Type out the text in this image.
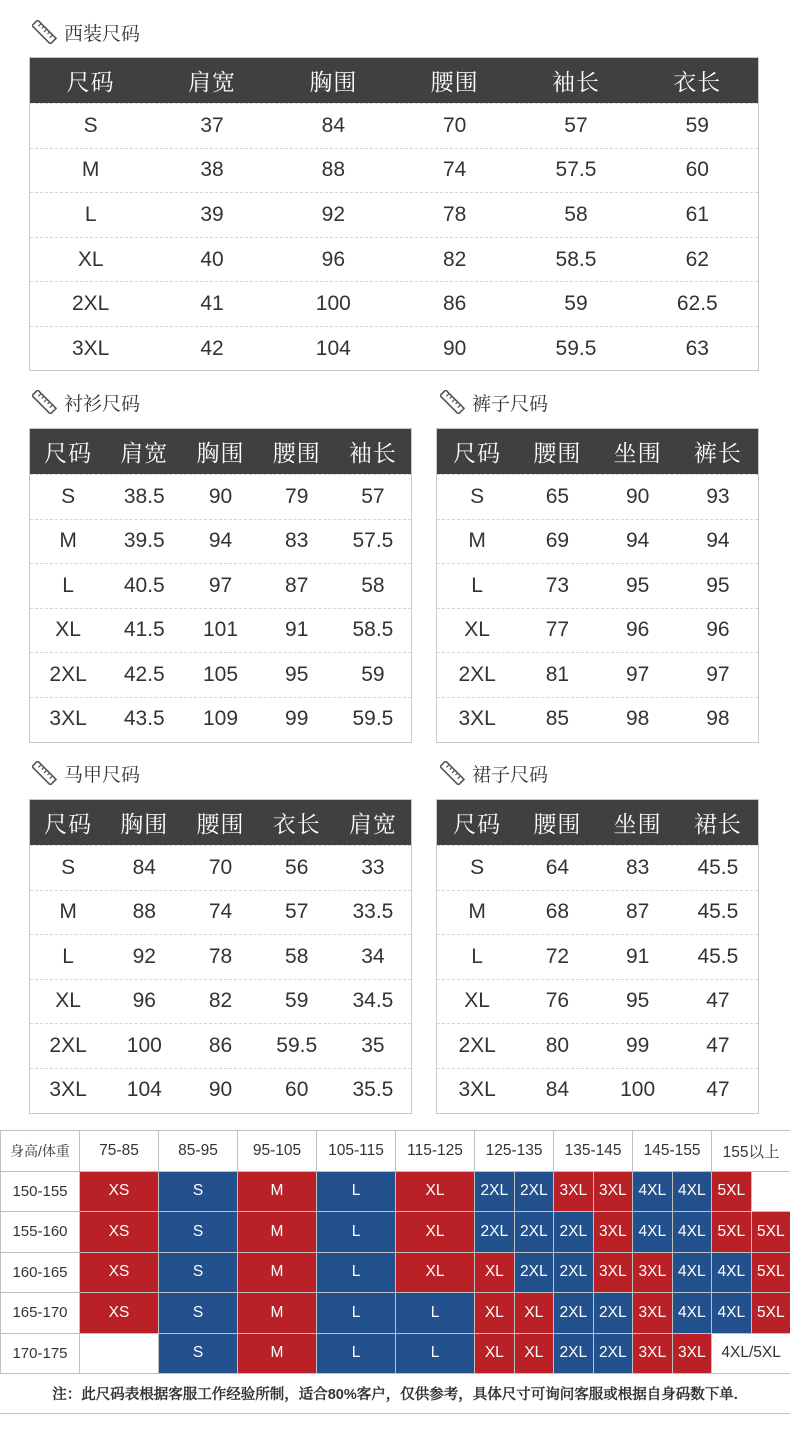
西装尺码
尺码	肩宽	胸围	腰围	袖长	衣长
S	37	84	70	57	59
M	38	88	74	57.5	60
L	39	92	78	58	61
XL	40	96	82	58.5	62
2XL	41	100	86	59	62.5
3XL	42	104	90	59.5	63
衬衫尺码
尺码	肩宽	胸围	腰围	袖长
S	38.5	90	79	57
M	39.5	94	83	57.5
L	40.5	97	87	58
XL	41.5	101	91	58.5
2XL	42.5	105	95	59
3XL	43.5	109	99	59.5
裤子尺码
尺码	腰围	坐围	裤长
S	65	90	93
M	69	94	94
L	73	95	95
XL	77	96	96
2XL	81	97	97
3XL	85	98	98
马甲尺码
尺码	胸围	腰围	衣长	肩宽
S	84	70	56	33
M	88	74	57	33.5
L	92	78	58	34
XL	96	82	59	34.5
2XL	100	86	59.5	35
3XL	104	90	60	35.5
裙子尺码
尺码	腰围	坐围	裙长
S	64	83	45.5
M	68	87	45.5
L	72	91	45.5
XL	76	95	47
2XL	80	99	47
3XL	84	100	47
身高/体重	75-85	85-95	95-105	105-115	115-125	125-135		135-145		145-155		155以上	
150-155	XS	S	M	L	XL	2XL	2XL	3XL	3XL	4XL	4XL	5XL	
155-160	XS	S	M	L	XL	2XL	2XL	2XL	3XL	4XL	4XL	5XL	5XL
160-165	XS	S	M	L	XL	XL	2XL	2XL	3XL	3XL	4XL	4XL	5XL
165-170	XS	S	M	L	L	XL	XL	2XL	2XL	3XL	4XL	4XL	5XL
170-175		S	M	L	L	XL	XL	2XL	2XL	3XL	3XL	4XL/5XL	
注：此尺码表根据客服工作经验所制，适合80%客户，仅供参考，具体尺寸可询问客服或根据自身码数下单.
